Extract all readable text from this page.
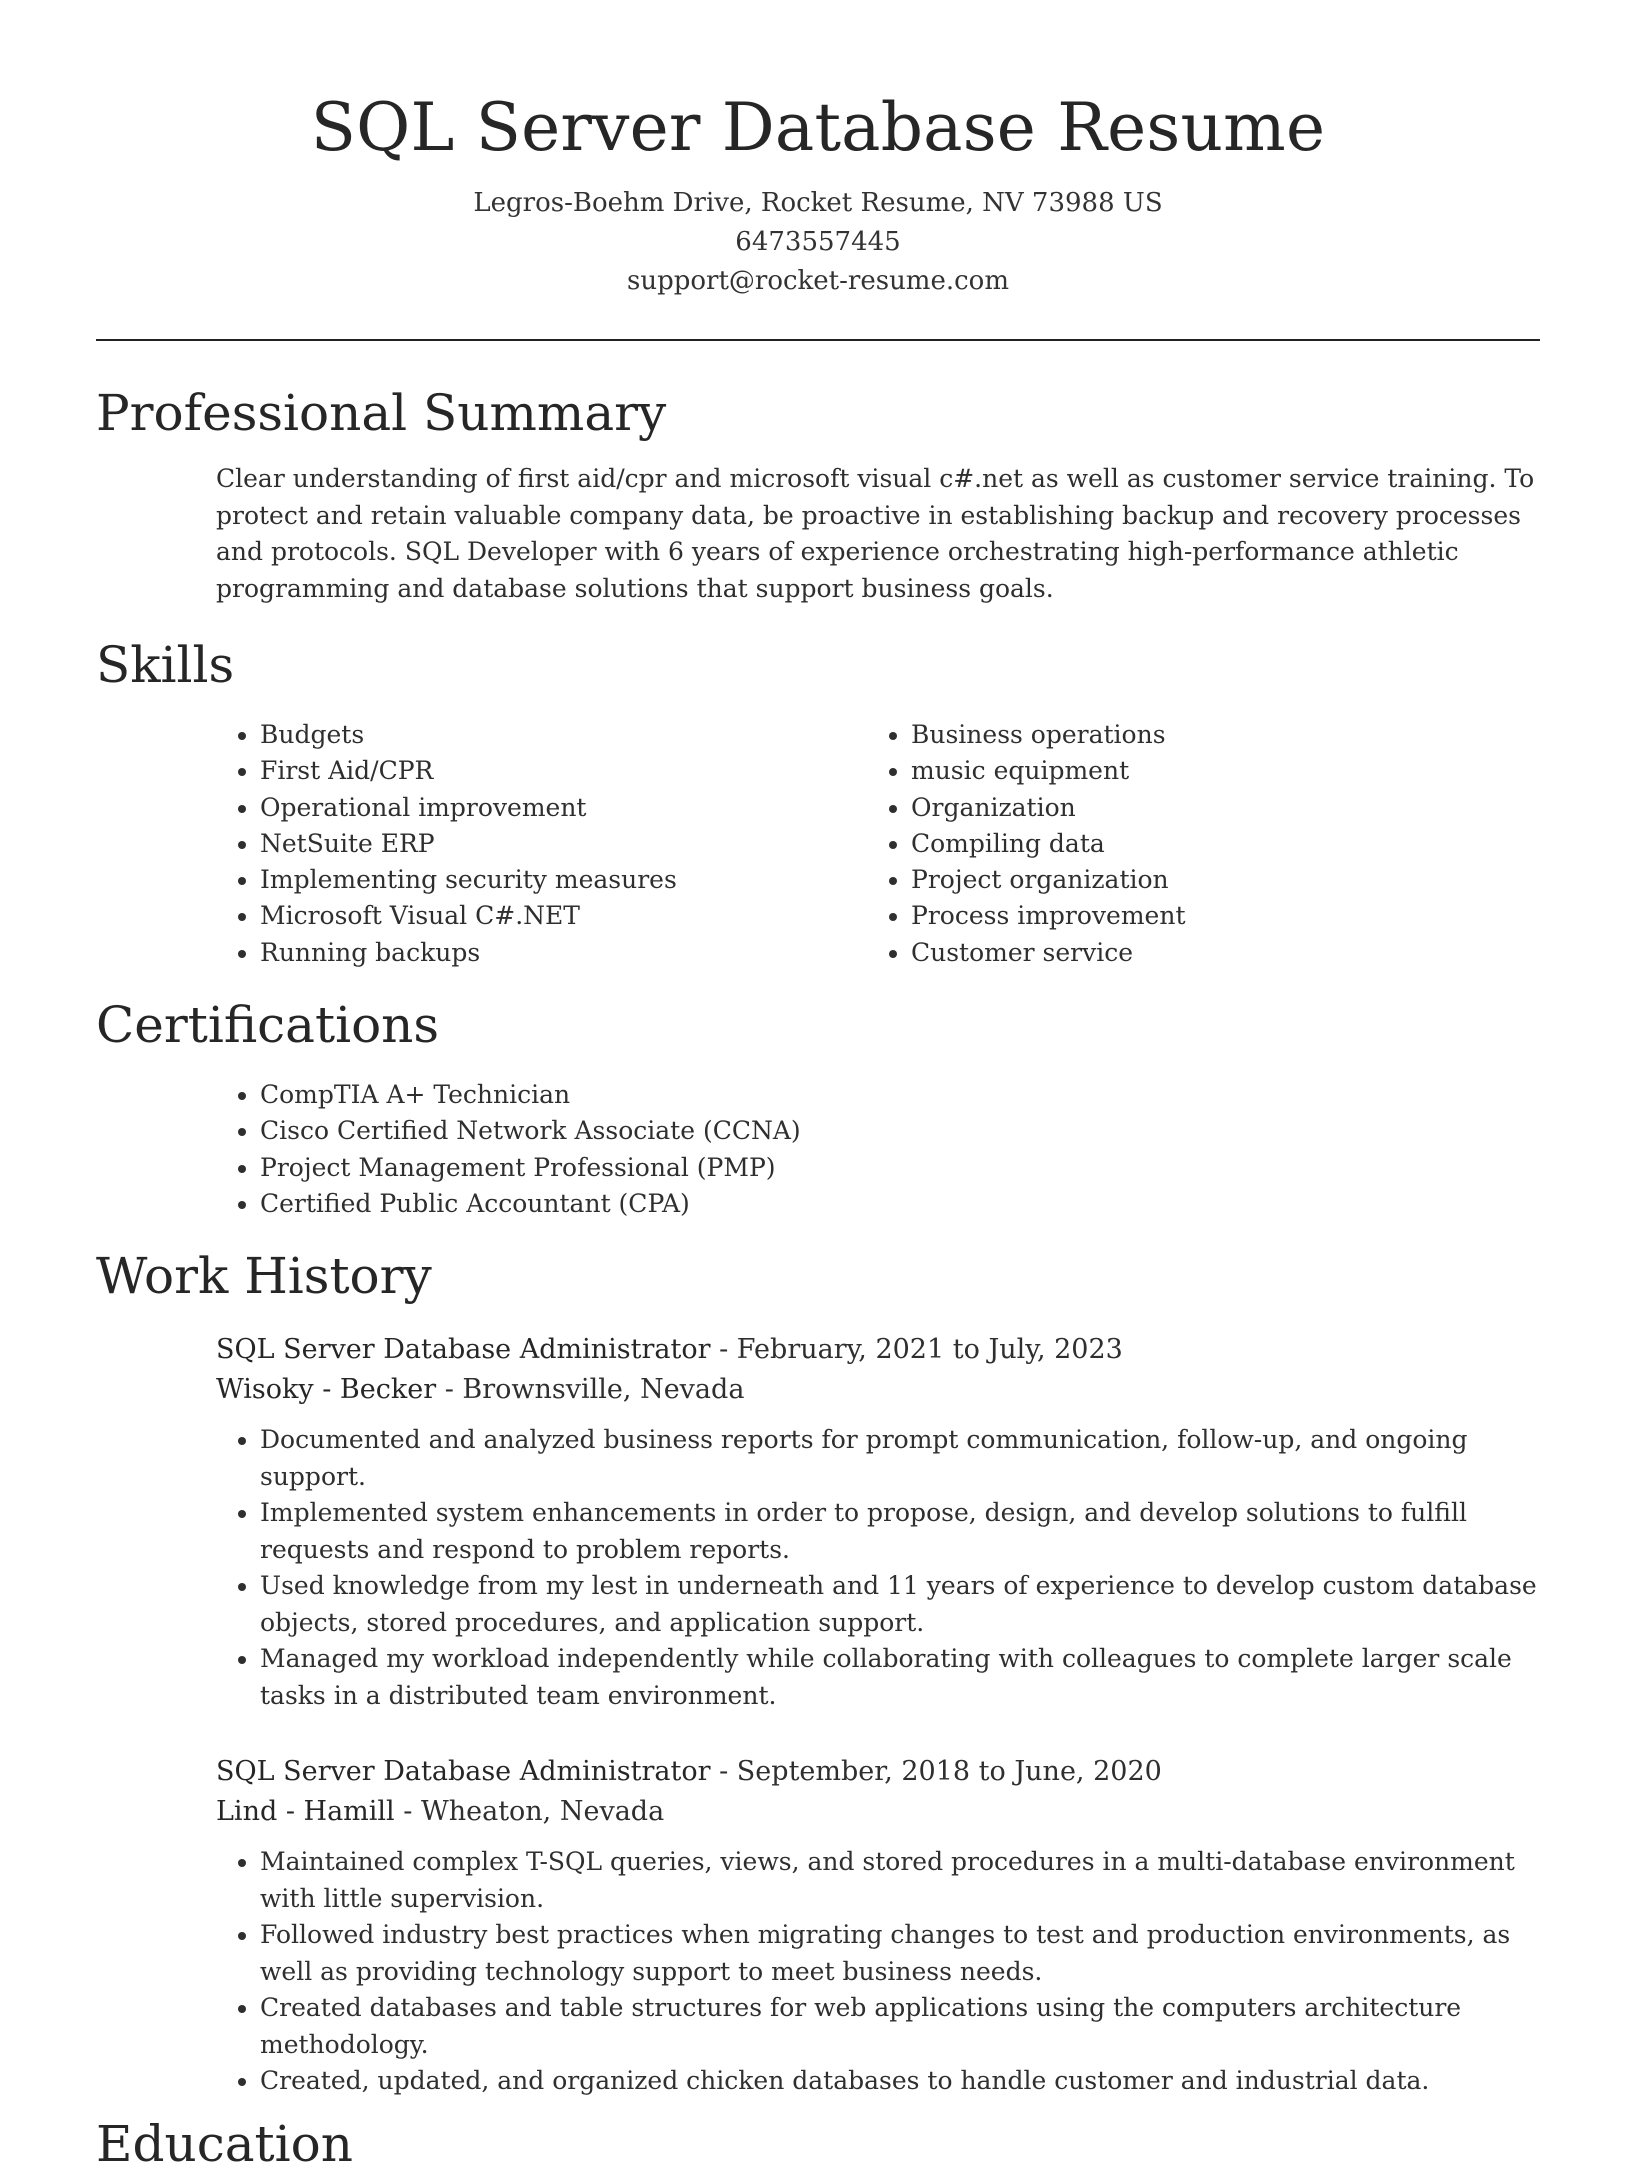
SQL Server Database Resume
Legros-Boehm Drive, Rocket Resume, NV 73988 US
6473557445
support@rocket-resume.com
Professional Summary

Clear understanding of first aid/cpr and microsoft visual c#.net as well as customer service training. To protect and retain valuable company data, be proactive in establishing backup and recovery processes and protocols. SQL Developer with 6 years of experience orchestrating high-performance athletic programming and database solutions that support business goals.

Skills
• Budgets
• First Aid/CPR
• Operational improvement
• NetSuite ERP
• Implementing security measures
• Microsoft Visual C#.NET
• Running backups
• Business operations
• music equipment
• Organization
• Compiling data
• Project organization
• Process improvement
• Customer service
Certifications
• CompTIA A+ Technician
• Cisco Certified Network Associate (CCNA)
• Project Management Professional (PMP)
• Certified Public Accountant (CPA)
Work History
SQL Server Database Administrator - February, 2021 to July, 2023
Wisoky - Becker - Brownsville, Nevada
• Documented and analyzed business reports for prompt communication, follow-up, and ongoing support.
• Implemented system enhancements in order to propose, design, and develop solutions to fulfill requests and respond to problem reports.
• Used knowledge from my lest in underneath and 11 years of experience to develop custom database objects, stored procedures, and application support.
• Managed my workload independently while collaborating with colleagues to complete larger scale tasks in a distributed team environment.
SQL Server Database Administrator - September, 2018 to June, 2020
Lind - Hamill - Wheaton, Nevada
• Maintained complex T-SQL queries, views, and stored procedures in a multi-database environment with little supervision.
• Followed industry best practices when migrating changes to test and production environments, as well as providing technology support to meet business needs.
• Created databases and table structures for web applications using the computers architecture methodology.
• Created, updated, and organized chicken databases to handle customer and industrial data.
Education
